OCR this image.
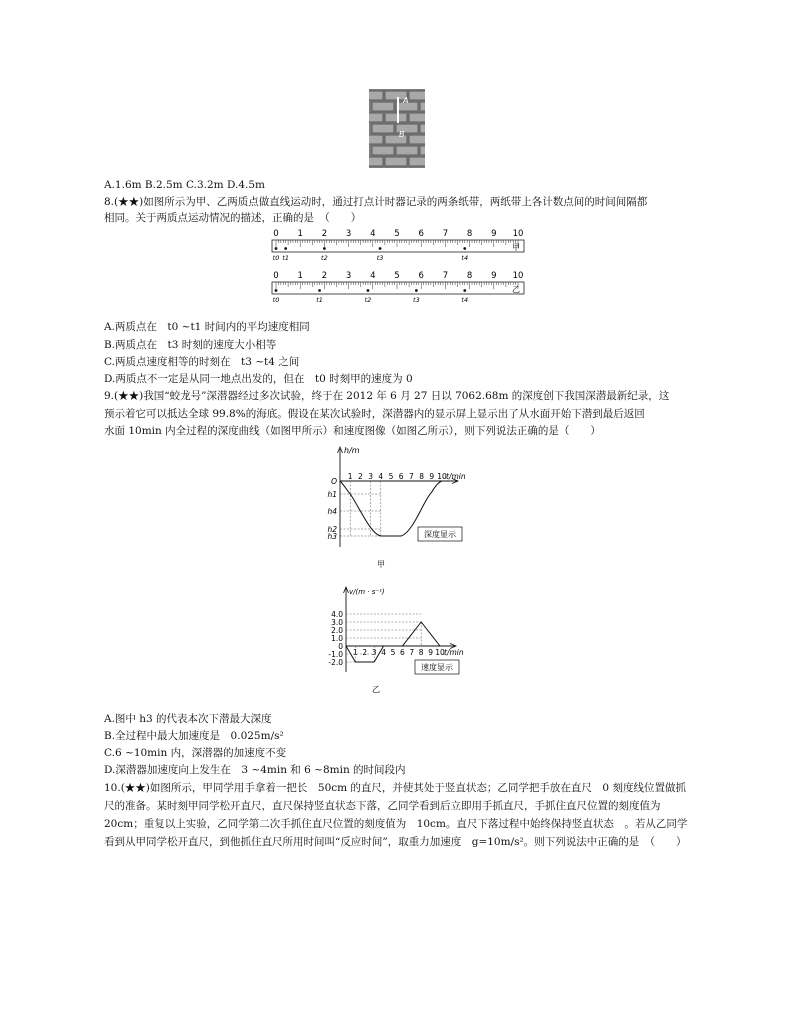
A
B
A.1.6m B.2.5m C.3.2m D.4.5m
8.(★★)如图所示为甲、乙两质点做直线运动时，通过打点计时器记录的两条纸带，两纸带上各计数点间的时间间隔都
相同。关于两质点运动情况的描述，正确的是　（　　）
0 1 2 3 4 5 6 7 8 9 10
t0 t1	t2	t3	t4
甲
0 1 2 3 4 5 6 7 8 9 10
t0	t1	t2	t3	t4
乙
A.两质点在　t0 ~t1 时间内的平均速度相同
B.两质点在　t3 时刻的速度大小相等
C.两质点速度相等的时刻在　t3 ~t4 之间
D.两质点不一定是从同一地点出发的，但在　t0 时刻甲的速度为 0
9.(★★)我国“蛟龙号”深潜器经过多次试验，终于在 2012 年 6 月 27 日以 7062.68m 的深度创下我国深潜最新纪录，这
预示着它可以抵达全球 99.8%的海底。假设在某次试验时，深潜器内的显示屏上显示出了从水面开始下潜到最后返回
水面 10min 内全过程的深度曲线（如图甲所示）和速度图像（如图乙所示），则下列说法正确的是（　　）
h/m
t/min
1 2 3 4 5 6 7 8 9 10
O
h1
h4
h2
h3	深度显示
甲
v/(m · s⁻¹)
t/min
1 2 3 4 5 6 7 8 9 10
4.0
3.0
2.0
1.0
0
-1.0
-2.0
速度显示
乙
A.图中 h3 的代表本次下潜最大深度
B.全过程中最大加速度是　0.025m/s²
C.6 ~10min 内，深潜器的加速度不变
D.深潜器加速度向上发生在　3 ~4min 和 6 ~8min 的时间段内
10.(★★)如图所示，甲同学用手拿着一把长　50cm 的直尺，并使其处于竖直状态；乙同学把手放在直尺　0 刻度线位置做抓
尺的准备。某时刻甲同学松开直尺，直尺保持竖直状态下落，乙同学看到后立即用手抓直尺，手抓住直尺位置的刻度值为
20cm；重复以上实验，乙同学第二次手抓住直尺位置的刻度值为　10cm。直尺下落过程中始终保持竖直状态　。若从乙同学
看到从甲同学松开直尺，到他抓住直尺所用时间叫“反应时间”，取重力加速度　g=10m/s²。则下列说法中正确的是　（　　）
